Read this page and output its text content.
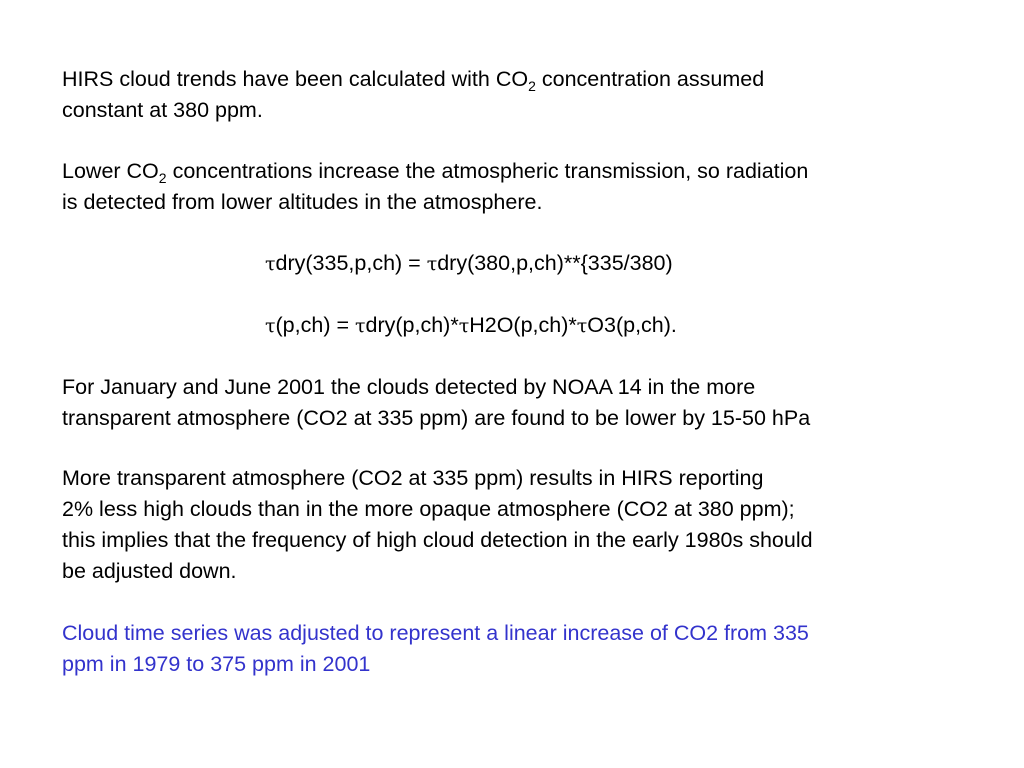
HIRS cloud trends have been calculated with $CO_2$ concentration assumed
constant at 380 ppm.

Lower $CO_2$ concentrations increase the atmospheric transmission, so radiation
is detected from lower altitudes in the atmosphere.

τdry(335,p,ch) = τdry(380,p,ch)**{335/380)
τ(p,ch) = τdry(p,ch)*τH2O(p,ch)*τO3(p,ch).

For January and June 2001 the clouds detected by NOAA 14 in the more
transparent atmosphere (CO2 at 335 ppm) are found to be lower by 15-50 hPa

More transparent atmosphere (CO2 at 335 ppm) results in HIRS reporting
2% less high clouds than in the more opaque atmosphere (CO2 at 380 ppm);
this implies that the frequency of high cloud detection in the early 1980s should
be adjusted down.

Cloud time series was adjusted to represent a linear increase of CO2 from 335
ppm in 1979 to 375 ppm in 2001
